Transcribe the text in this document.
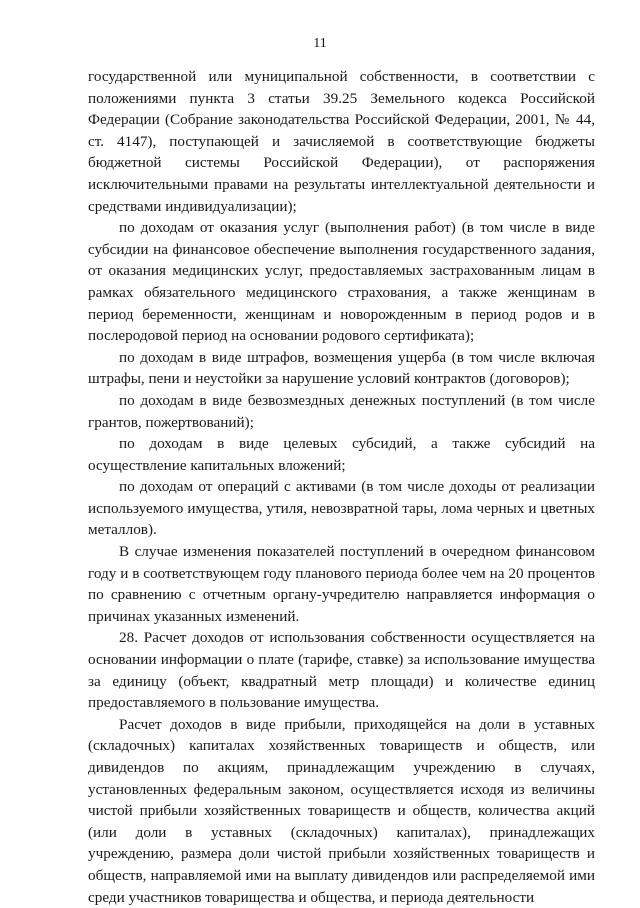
11

государственной или муниципальной собственности, в соответствии с положениями пункта 3 статьи 39.25 Земельного кодекса Российской Федерации (Собрание законодательства Российской Федерации, 2001, № 44, ст. 4147), поступающей и зачисляемой в соответствующие бюджеты бюджетной системы Российской Федерации), от распоряжения исключительными правами на результаты интеллектуальной деятельности и средствами индивидуализации);

по доходам от оказания услуг (выполнения работ) (в том числе в виде субсидии на финансовое обеспечение выполнения государственного задания, от оказания медицинских услуг, предоставляемых застрахованным лицам в рамках обязательного медицинского страхования, а также женщинам в период беременности, женщинам и новорожденным в период родов и в послеродовой период на основании родового сертификата);

по доходам в виде штрафов, возмещения ущерба (в том числе включая штрафы, пени и неустойки за нарушение условий контрактов (договоров);

по доходам в виде безвозмездных денежных поступлений (в том числе грантов, пожертвований);

по доходам в виде целевых субсидий, а также субсидий на осуществление капитальных вложений;

по доходам от операций с активами (в том числе доходы от реализации используемого имущества, утиля, невозвратной тары, лома черных и цветных металлов).

В случае изменения показателей поступлений в очередном финансовом году и в соответствующем году планового периода более чем на 20 процентов по сравнению с отчетным органу-учредителю направляется информация о причинах указанных изменений.

28. Расчет доходов от использования собственности осуществляется на основании информации о плате (тарифе, ставке) за использование имущества за единицу (объект, квадратный метр площади) и количестве единиц предоставляемого в пользование имущества.

Расчет доходов в виде прибыли, приходящейся на доли в уставных (складочных) капиталах хозяйственных товариществ и обществ, или дивидендов по акциям, принадлежащим учреждению в случаях, установленных федеральным законом, осуществляется исходя из величины чистой прибыли хозяйственных товариществ и обществ, количества акций (или доли в уставных (складочных) капиталах), принадлежащих учреждению, размера доли чистой прибыли хозяйственных товариществ и обществ, направляемой ими на выплату дивидендов или распределяемой ими среди участников товарищества и общества, и периода деятельности
